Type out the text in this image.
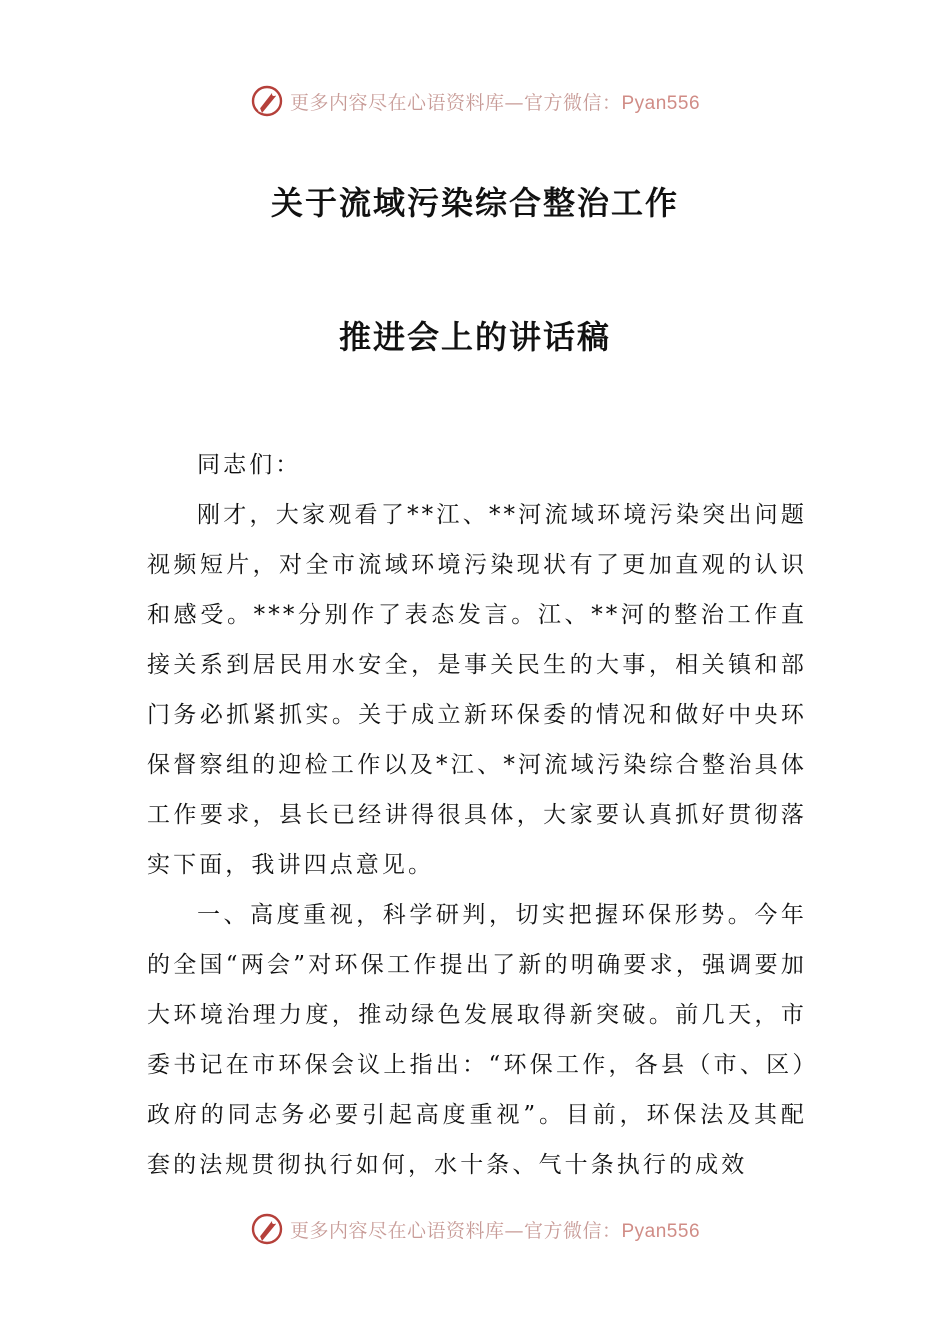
更多内容尽在心语资料库—官方微信：Pyan556
关于流域污染综合整治工作
推进会上的讲话稿

同志们：

刚才，大家观看了**江、**河流域环境污染突出问题视频短片，对全市流域环境污染现状有了更加直观的认识和感受。***分别作了表态发言。江、**河的整治工作直接关系到居民用水安全，是事关民生的大事，相关镇和部门务必抓紧抓实。关于成立新环保委的情况和做好中央环保督察组的迎检工作以及*江、*河流域污染综合整治具体工作要求，县长已经讲得很具体，大家要认真抓好贯彻落实下面，我讲四点意见。

一、高度重视，科学研判，切实把握环保形势。今年的全国“两会”对环保工作提出了新的明确要求，强调要加大环境治理力度，推动绿色发展取得新突破。前几天，市委书记在市环保会议上指出：“环保工作，各县（市、区）政府的同志务必要引起高度重视”。目前，环保法及其配套的法规贯彻执行如何，水十条、气十条执行的成效

更多内容尽在心语资料库—官方微信：Pyan556
